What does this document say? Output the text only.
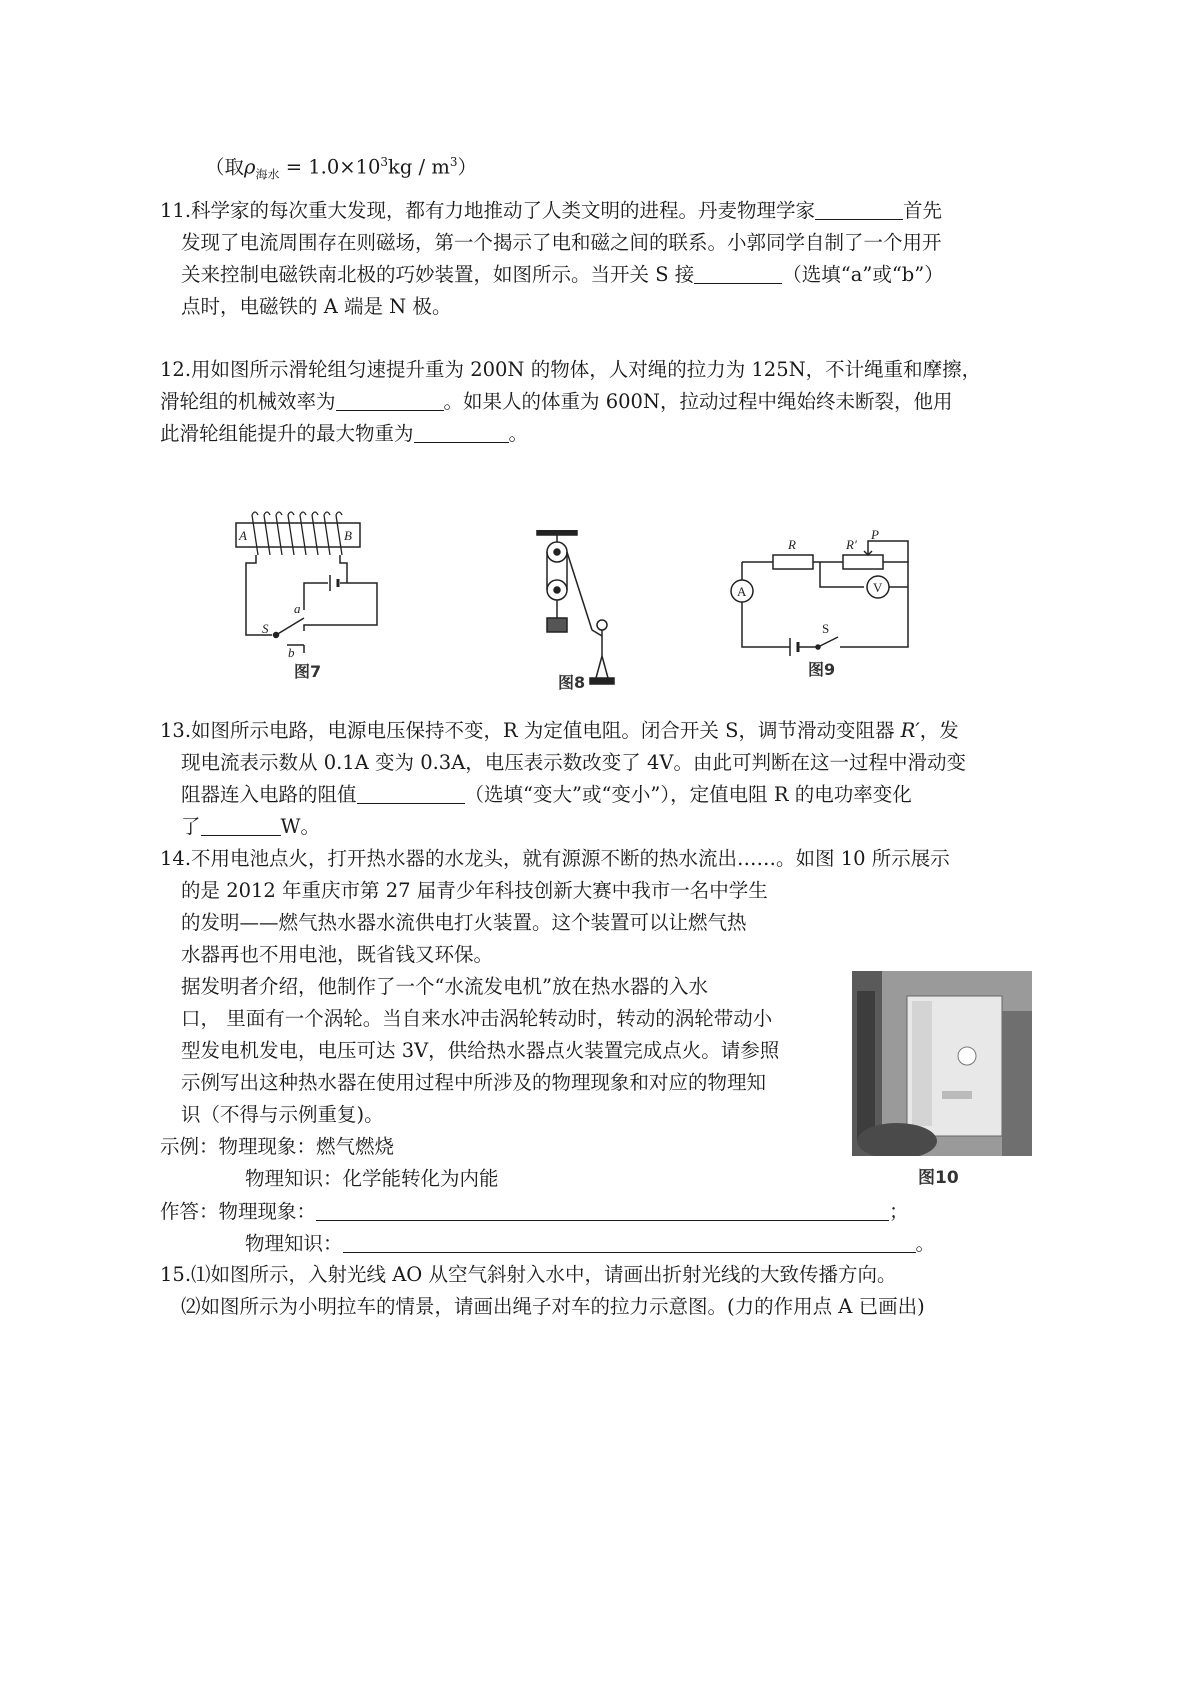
（取$\rho_{海水} = 1.0\times 10^3kg / m^3$）
11.科学家的每次重大发现，都有力地推动了人类文明的进程。丹麦物理学家	首先
发现了电流周围存在则磁场，第一个揭示了电和磁之间的联系。小郭同学自制了一个用开
关来控制电磁铁南北极的巧妙装置，如图所示。当开关 S 接	（选填“a”或“b”）
点时，电磁铁的 A 端是 N 极。
12.用如图所示滑轮组匀速提升重为 200N 的物体，人对绳的拉力为 125N，不计绳重和摩擦，
滑轮组的机械效率为	。如果人的体重为 600N，拉动过程中绳始终未断裂，他用
此滑轮组能提升的最大物重为	。
A	B
S
a
b
图7
图8
R	R′
P
A	V
S
图9
13.如图所示电路，电源电压保持不变，R 为定值电阻。闭合开关 S，调节滑动变阻器 R′，发
现电流表示数从 0.1A 变为 0.3A，电压表示数改变了 4V。由此可判断在这一过程中滑动变
阻器连入电路的阻值	（选填“变大”或“变小”），定值电阻 R 的电功率变化
了	W。
14.不用电池点火，打开热水器的水龙头，就有源源不断的热水流出……。如图 10 所示展示
的是 2012 年重庆市第 27 届青少年科技创新大赛中我市一名中学生
的发明——燃气热水器水流供电打火装置。这个装置可以让燃气热
水器再也不用电池，既省钱又环保。
据发明者介绍，他制作了一个“水流发电机”放在热水器的入水
口， 里面有一个涡轮。当自来水冲击涡轮转动时，转动的涡轮带动小
型发电机发电，电压可达 3V，供给热水器点火装置完成点火。请参照
示例写出这种热水器在使用过程中所涉及的物理现象和对应的物理知
识（不得与示例重复)。
示例：物理现象：燃气燃烧
物理知识：化学能转化为内能
作答：物理现象：	；
物理知识：	。
图10
15.⑴如图所示，入射光线 AO 从空气斜射入水中，请画出折射光线的大致传播方向。
⑵如图所示为小明拉车的情景，请画出绳子对车的拉力示意图。(力的作用点 A 已画出)
